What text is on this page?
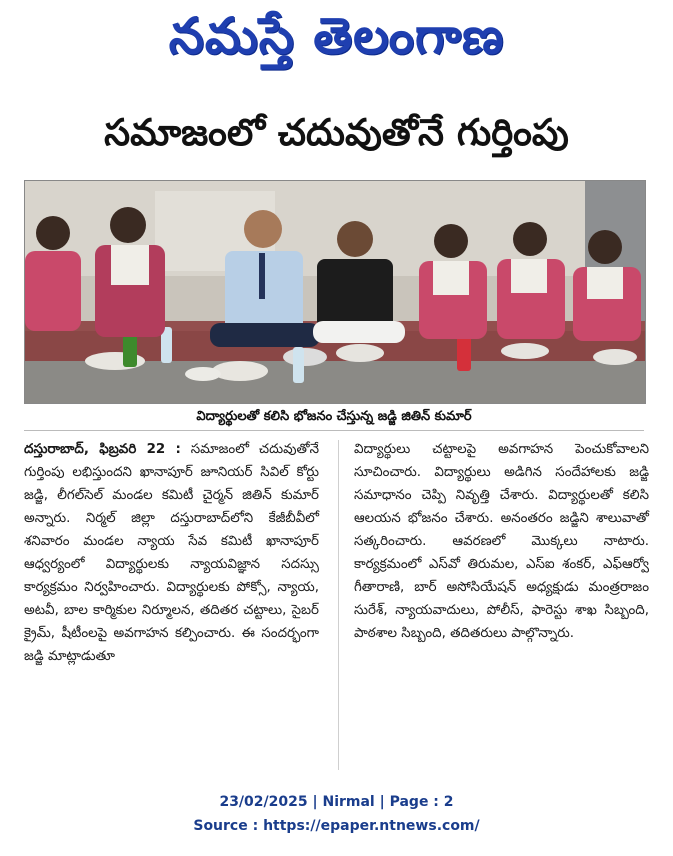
నమస్తే తెలంగాణ
సమాజంలో చదువుతోనే గుర్తింపు
విద్యార్థులతో కలిసి భోజనం చేస్తున్న జడ్జి జితిన్ కుమార్
దస్తురాబాద్, ఫిబ్రవరి 22 : సమాజంలో చదువుతోనే గుర్తింపు లభిస్తుందని ఖానాపూర్ జూనియర్ సివిల్ కోర్టు జడ్జి, లీగల్‌సెల్ మండల కమిటీ చైర్మన్ జితిన్ కుమార్ అన్నారు. నిర్మల్ జిల్లా దస్తురాబాద్‌లోని కేజీబీవీలో శనివారం మండల న్యాయ సేవ కమిటీ ఖానాపూర్ ఆధ్వర్యంలో విద్యార్థులకు న్యాయవిజ్ఞాన సదస్సు కార్యక్రమం నిర్వహించారు. విద్యార్థులకు పోక్సో, న్యాయ, అటవీ, బాల కార్మికుల నిర్మూలన, తదితర చట్టాలు, సైబర్ క్రైమ్, షీటీంలపై అవగాహన కల్పించారు. ఈ సందర్భంగా జడ్జి మాట్లాడుతూ
విద్యార్థులు చట్టాలపై అవగాహన పెంచుకోవాలని సూచించారు. విద్యార్థులు అడిగిన సందేహాలకు జడ్జి సమాధానం చెప్పి నివృత్తి చేశారు. విద్యార్థులతో కలిసి ఆలయన భోజనం చేశారు. అనంతరం జడ్జిని శాలువాతో సత్కరించారు. ఆవరణలో మొక్కలు నాటారు. కార్యక్రమంలో ఎస్‌వో తిరుమల, ఎస్ఐ శంకర్, ఎఫ్ఆర్వో గీతారాణి, బార్ అసోసియేషన్ అధ్యక్షుడు మంత్రరాజం సురేశ్, న్యాయవాదులు, పోలీస్, ఫారెస్టు శాఖ సిబ్బంది, పాఠశాల సిబ్బంది, తదితరులు పాల్గొన్నారు.
23/02/2025 | Nirmal | Page : 2
Source : https://epaper.ntnews.com/
